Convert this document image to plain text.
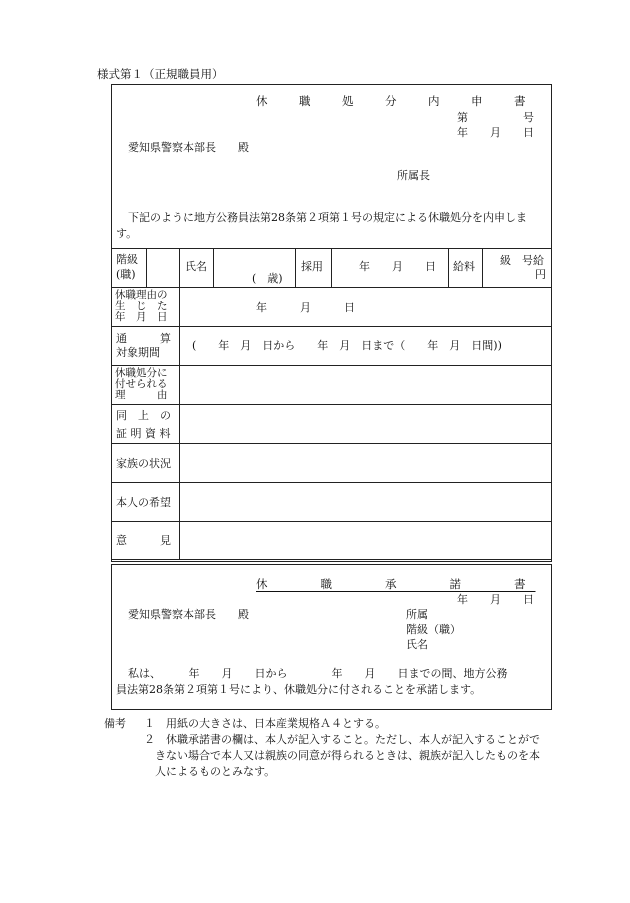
様式第１（正規職員用）
休　職　処　分　内　申　書
第　　　　　号
年　　月　　日
愛知県警察本部長　　殿
所属長
下記のように地方公務員法第28条第２項第１号の規定による休職処分を内申しま
す。
階級
(職)
氏名
(　歳)
採用	年　　月　　日 給料 級　号給
円
休職理由の
生　じ　た
年　月　日
年　　　月　　　日
通　　　算
対象期間
(　　年　月　日から　　年　月　日まで（　　年　月　日間))
休職処分に
付せられる
理　　　由
同　上　の
証 明 資 料
家族の状況
本人の希望
意　　　見
休　　職　　承　　諾　　書
年　　月　　日
愛知県警察本部長　　殿	所属
階級（職）
氏名
私は、　　　年　　月　　日から　　　　年　　月　　日までの間、地方公務
員法第28条第２項第１号により、休職処分に付されることを承諾します。
備考 １ 用紙の大きさは、日本産業規格Ａ４とする。
２ 休職承諾書の欄は、本人が記入すること。ただし、本人が記入することがで
きない場合で本人又は親族の同意が得られるときは、親族が記入したものを本
人によるものとみなす。
